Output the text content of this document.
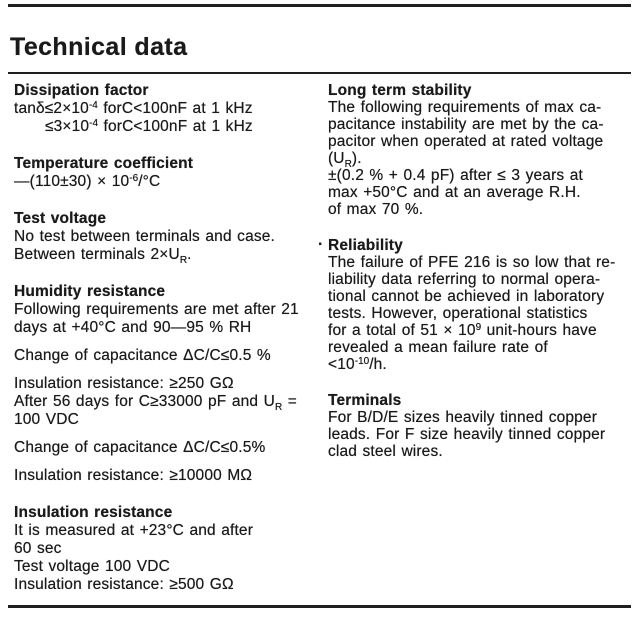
Technical data
Dissipation factor
$\tan\delta\le 2\times 10^{-4}$ forC<100nF at 1 kHz
$\le 3\times 10^{-4}$ forC<100nF at 1 kHz
Temperature coefficient
—(110±30) × $10^{-6}/^\circ C$
Test voltage
No test between terminals and case.
Between terminals $2\times U_R$.
Humidity resistance
Following requirements are met after 21
days at +40°C and 90—95 % RH
Change of capacitance ΔC/C≤0.5 %
Insulation resistance: ≥250 GΩ
After 56 days for C≥33000 pF and $U_R$ =
100 VDC
Change of capacitance ΔC/C≤0.5%
Insulation resistance: ≥10000 MΩ
Insulation resistance
It is measured at +23°C and after
60 sec
Test voltage 100 VDC
Insulation resistance: ≥500 GΩ
Long term stability
The following requirements of max ca-
pacitance instability are met by the ca-
pacitor when operated at rated voltage
$(U_R)$.
±(0.2 % + 0.4 pF) after ≤ 3 years at
max +50°C and at an average R.H.
of max 70 %.
Reliability
·
The failure of PFE 216 is so low that re-
liability data referring to normal opera-
tional cannot be achieved in laboratory
tests. However, operational statistics
for a total of $51 \times 10^9$ unit-hours have
revealed a mean failure rate of
$<10^{-10}/h$.
Terminals
For B/D/E sizes heavily tinned copper
leads. For F size heavily tinned copper
clad steel wires.
